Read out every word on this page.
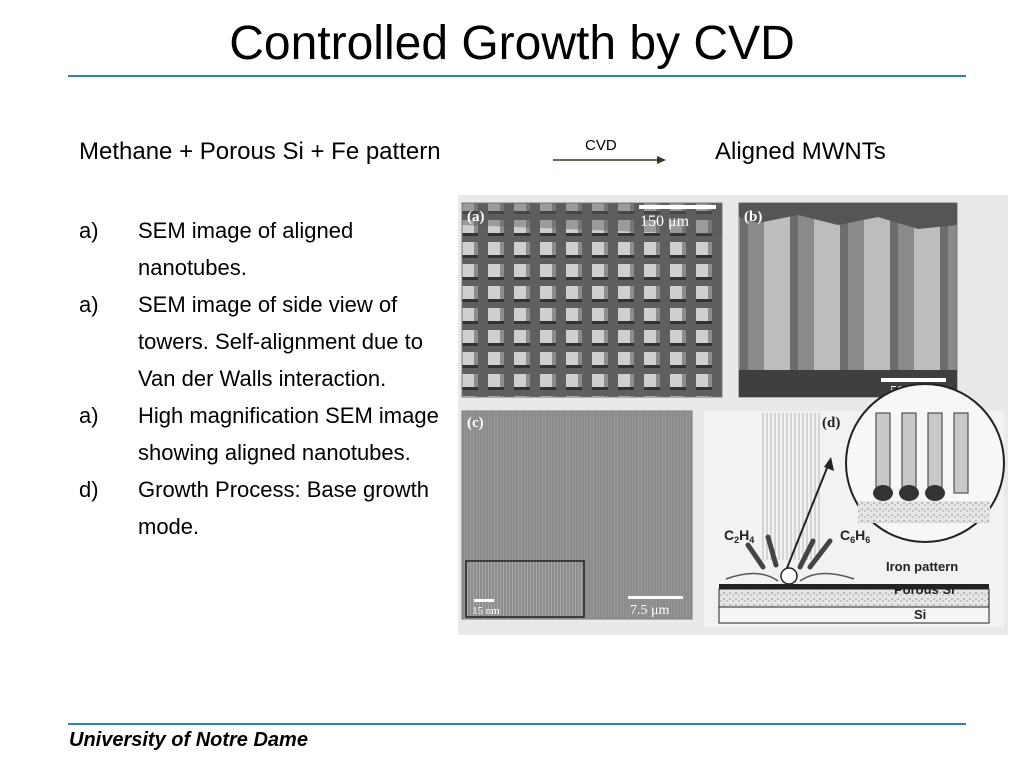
Controlled Growth by CVD
Methane + Porous Si + Fe pattern	CVD	Aligned MWNTs
a)	SEM image of aligned nanotubes.
a)	SEM image of side view of towers. Self-alignment due to Van der Walls interaction.
a)	High magnification SEM image showing aligned nanotubes.
d)	Growth Process: Base growth mode.
(a)	150 μm	(b)
(c)
15 nm	7.5 μm
(d)
$C_2H_4$	$C_6H_6$
Iron pattern
Porous Si
Si
University of Notre Dame
